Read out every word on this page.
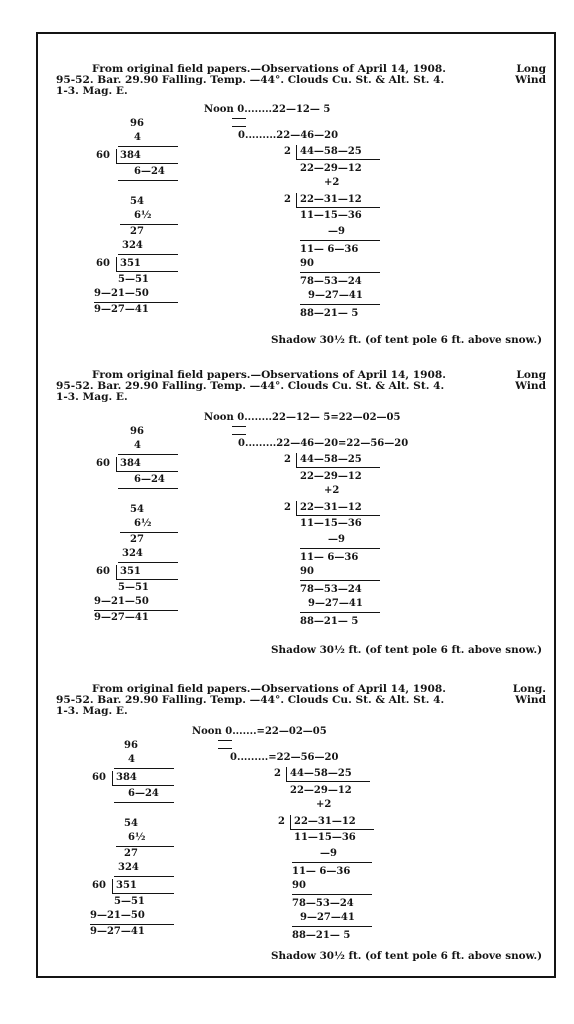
From original field papers.—Observations of April 14, 1908.	Long
95-52. Bar. 29.90 Falling. Temp. —44°. Clouds Cu. St. & Alt. St. 4.	Wind
1-3. Mag. E.
96
4
60 384
6—24
54
6½
27
324
60 351
5—51
9—21—50
9—27—41
Noon 0........22—12— 5
0.........22—46—20
2 44—58—25
22—29—12
+2
2 22—31—12
11—15—36
—9
11— 6—36
90
78—53—24
9—27—41
88—21— 5
Shadow 30½ ft. (of tent pole 6 ft. above snow.)
From original field papers.—Observations of April 14, 1908.	Long
95-52. Bar. 29.90 Falling. Temp. —44°. Clouds Cu. St. & Alt. St. 4.	Wind
1-3. Mag. E.
96
4
60 384
6—24
54
6½
27
324
60 351
5—51
9—21—50
9—27—41
Noon 0........22—12— 5=22—02—05
0.........22—46—20=22—56—20
2 44—58—25
22—29—12
+2
2 22—31—12
11—15—36
—9
11— 6—36
90
78—53—24
9—27—41
88—21— 5
Shadow 30½ ft. (of tent pole 6 ft. above snow.)
From original field papers.—Observations of April 14, 1908.	Long.
95-52. Bar. 29.90 Falling. Temp. —44°. Clouds Cu. St. & Alt. St. 4.	Wind
1-3. Mag. E.
96
4
60 384
6—24
54
6½
27
324
60 351
5—51
9—21—50
9—27—41
Noon 0.......=22—02—05
0.........=22—56—20
2 44—58—25
22—29—12
+2
2 22—31—12
11—15—36
—9
11— 6—36
90
78—53—24
9—27—41
88—21— 5
Shadow 30½ ft. (of tent pole 6 ft. above snow.)
